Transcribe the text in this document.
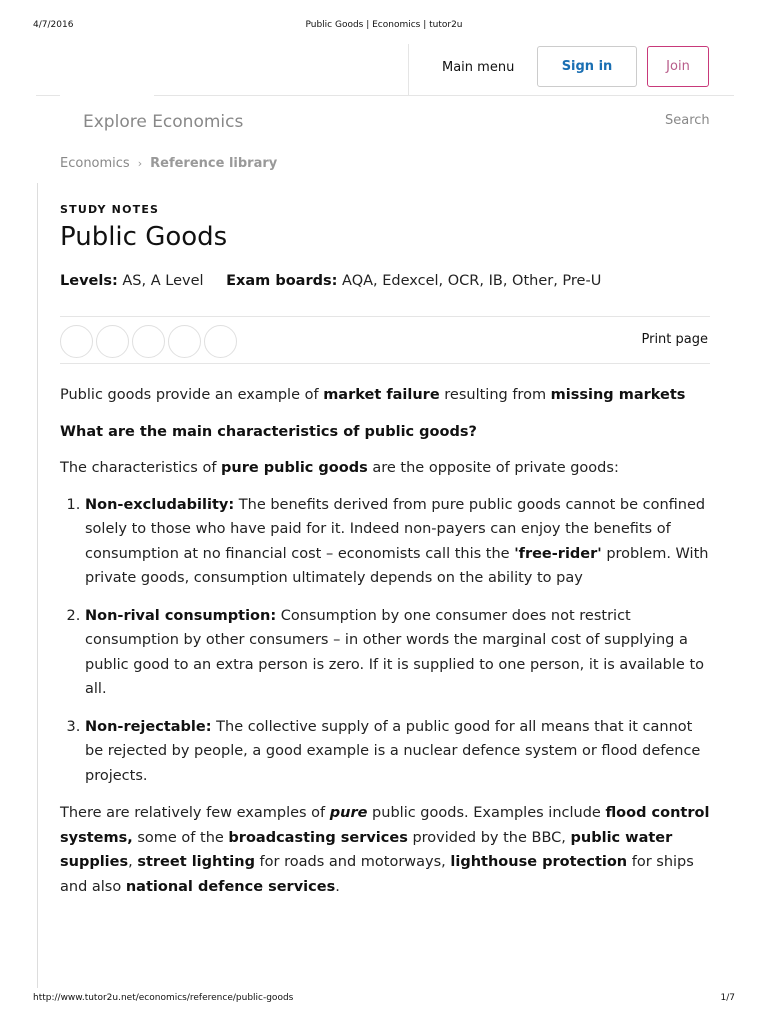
4/7/2016	Public Goods | Economics | tutor2u
Main menu	Sign in	Join
Explore Economics	Search
Economics › Reference library
STUDY NOTES
Public Goods
Levels: AS, A Level Exam boards: AQA, Edexcel, OCR, IB, Other, Pre-U
Print page

Public goods provide an example of market failure resulting from missing markets

What are the main characteristics of public goods?

The characteristics of pure public goods are the opposite of private goods:

1. Non-excludability: The benefits derived from pure public goods cannot be confined solely to those who have paid for it. Indeed non-payers can enjoy the benefits of consumption at no financial cost – economists call this the 'free-rider' problem. With private goods, consumption ultimately depends on the ability to pay
2. Non-rival consumption: Consumption by one consumer does not restrict consumption by other consumers – in other words the marginal cost of supplying a public good to an extra person is zero. If it is supplied to one person, it is available to all.
3. Non-rejectable: The collective supply of a public good for all means that it cannot be rejected by people, a good example is a nuclear defence system or flood defence projects.

There are relatively few examples of pure public goods. Examples include flood control systems, some of the broadcasting services provided by the BBC, public water supplies, street lighting for roads and motorways, lighthouse protection for ships and also national defence services.

http://www.tutor2u.net/economics/reference/public-goods	1/7
